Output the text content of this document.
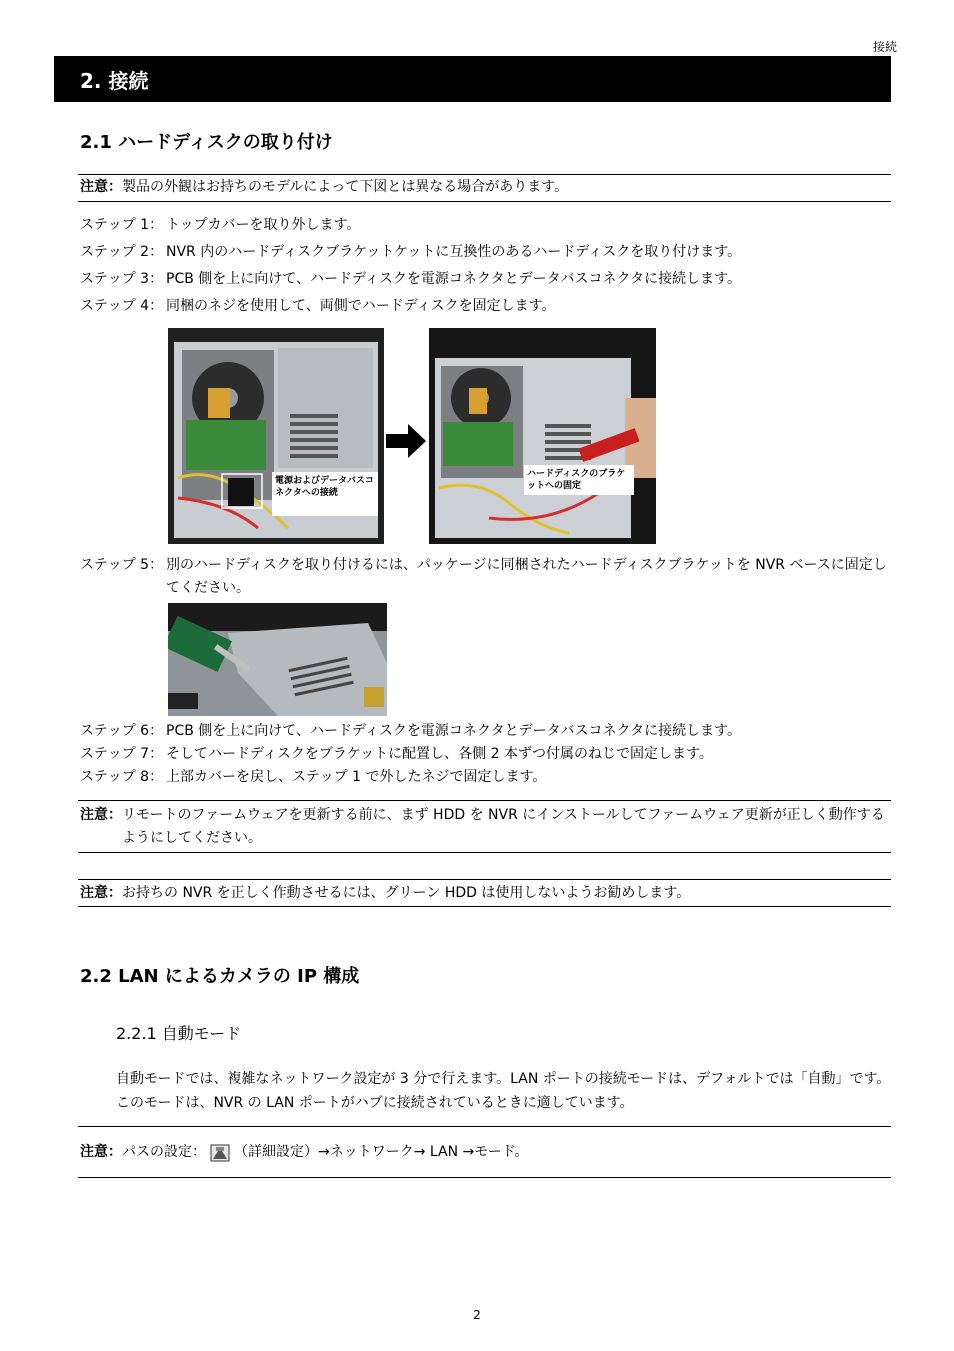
接続
2. 接続
2.1 ハードディスクの取り付け
注意：製品の外観はお持ちのモデルによって下図とは異なる場合があります。
ステップ 1： トップカバーを取り外します。
ステップ 2： NVR 内のハードディスクブラケットケットに互換性のあるハードディスクを取り付けます。
ステップ 3： PCB 側を上に向けて、ハードディスクを電源コネクタとデータバスコネクタに接続します。
ステップ 4： 同梱のネジを使用して、両側でハードディスクを固定します。
電源およびデータバスコネクタへの接続
ハードディスクのブラケットへの固定
ステップ 5： 別のハードディスクを取り付けるには、パッケージに同梱されたハードディスクブラケットを NVR ベースに固定してください。
ステップ 6： PCB 側を上に向けて、ハードディスクを電源コネクタとデータバスコネクタに接続します。
ステップ 7： そしてハードディスクをブラケットに配置し、各側 2 本ずつ付属のねじで固定します。
ステップ 8： 上部カバーを戻し、ステップ 1 で外したネジで固定します。
注意： リモートのファームウェアを更新する前に、まず HDD を NVR にインストールしてファームウェア更新が正しく動作するようにしてください。
注意：お持ちの NVR を正しく作動させるには、グリーン HDD は使用しないようお勧めします。
2.2 LAN によるカメラの IP 構成
2.2.1 自動モード
自動モードでは、複雑なネットワーク設定が 3 分で行えます。LAN ポートの接続モードは、デフォルトでは「自動」です。このモードは、NVR の LAN ポートがハブに接続されているときに適しています。
注意： パスの設定： （詳細設定）→ネットワーク→ LAN →モード。
2
